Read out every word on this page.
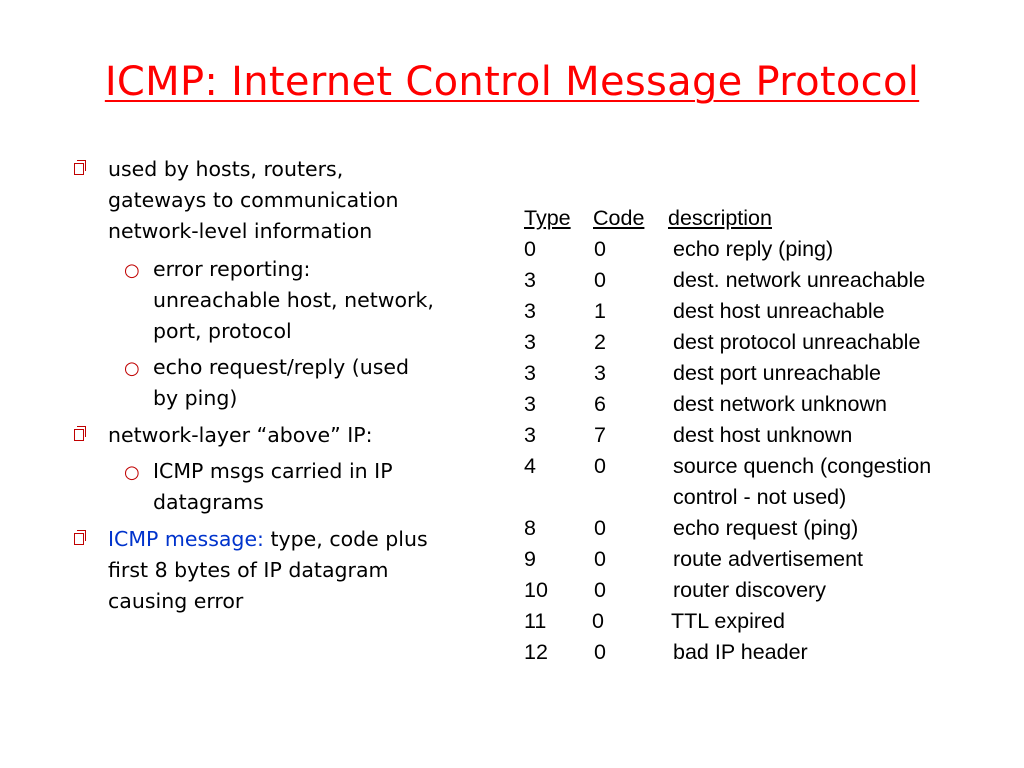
ICMP: Internet Control Message Protocol
used by hosts, routers,
gateways to communication
network-level information
○ error reporting:
unreachable host, network,
port, protocol
○ echo request/reply (used
by ping)
network-layer “above” IP:
○ ICMP msgs carried in IP
datagrams
ICMP message: type, code plus
first 8 bytes of IP datagram
causing error
Type Code description
0	0	echo reply (ping)
3	0	dest. network unreachable
3	1	dest host unreachable
3	2	dest protocol unreachable
3	3	dest port unreachable
3	6	dest network unknown
3	7	dest host unknown
4	0	source quench (congestion
control - not used)
8	0	echo request (ping)
9	0	route advertisement
10 0	router discovery
11 0	TTL expired
12 0	bad IP header
